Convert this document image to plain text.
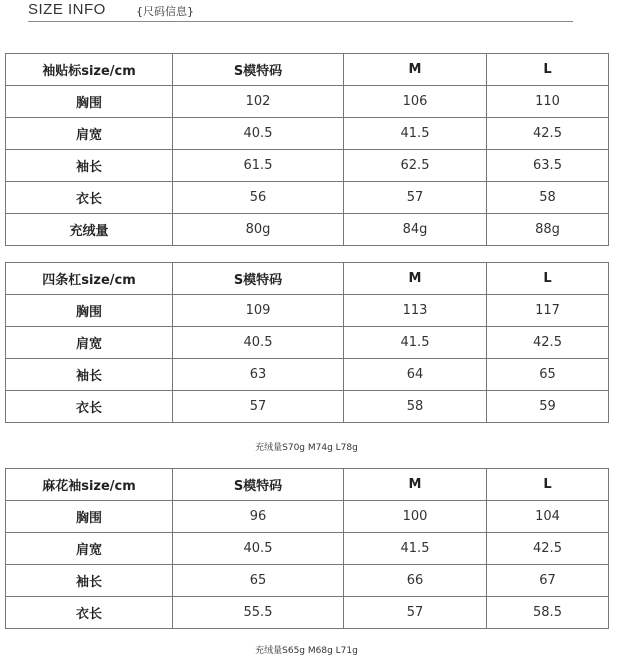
SIZE INFO	{尺码信息}
袖贴标size/cm	S模特码	M	L
胸围	102	106	110
肩宽	40.5	41.5	42.5
袖长	61.5	62.5	63.5
衣长	56	57	58
充绒量	80g	84g	88g
四条杠size/cm	S模特码	M	L
胸围	109	113	117
肩宽	40.5	41.5	42.5
袖长	63	64	65
衣长	57	58	59
充绒量S70g M74g L78g
麻花袖size/cm	S模特码	M	L
胸围	96	100	104
肩宽	40.5	41.5	42.5
袖长	65	66	67
衣长	55.5	57	58.5
充绒量S65g M68g L71g
